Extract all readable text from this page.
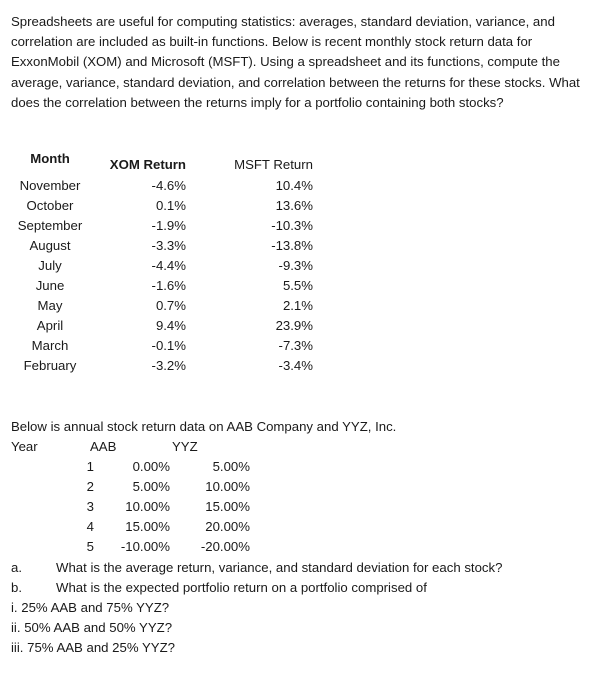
Spreadsheets are useful for computing statistics: averages, standard deviation, variance, and correlation are included as built-in functions. Below is recent monthly stock return data for ExxonMobil (XOM) and Microsoft (MSFT). Using a spreadsheet and its functions, compute the average, variance, standard deviation, and correlation between the returns for these stocks. What does the correlation between the returns imply for a portfolio containing both stocks?
Month	XOM Return	MSFT Return
November	-4.6%	10.4%
October	0.1%	13.6%
September	-1.9%	-10.3%
August	-3.3%	-13.8%
July	-4.4%	-9.3%
June	-1.6%	5.5%
May	0.7%	2.1%
April	9.4%	23.9%
March	-0.1%	-7.3%
February	-3.2%	-3.4%
Below is annual stock return data on AAB Company and YYZ, Inc.
Year	AAB	YYZ
1	0.00%	5.00%
2	5.00%	10.00%
3	10.00%	15.00%
4	15.00%	20.00%
5	-10.00%	-20.00%
a.	What is the average return, variance, and standard deviation for each stock?
b.	What is the expected portfolio return on a portfolio comprised of
i. 25% AAB and 75% YYZ?
ii. 50% AAB and 50% YYZ?
iii. 75% AAB and 25% YYZ?
